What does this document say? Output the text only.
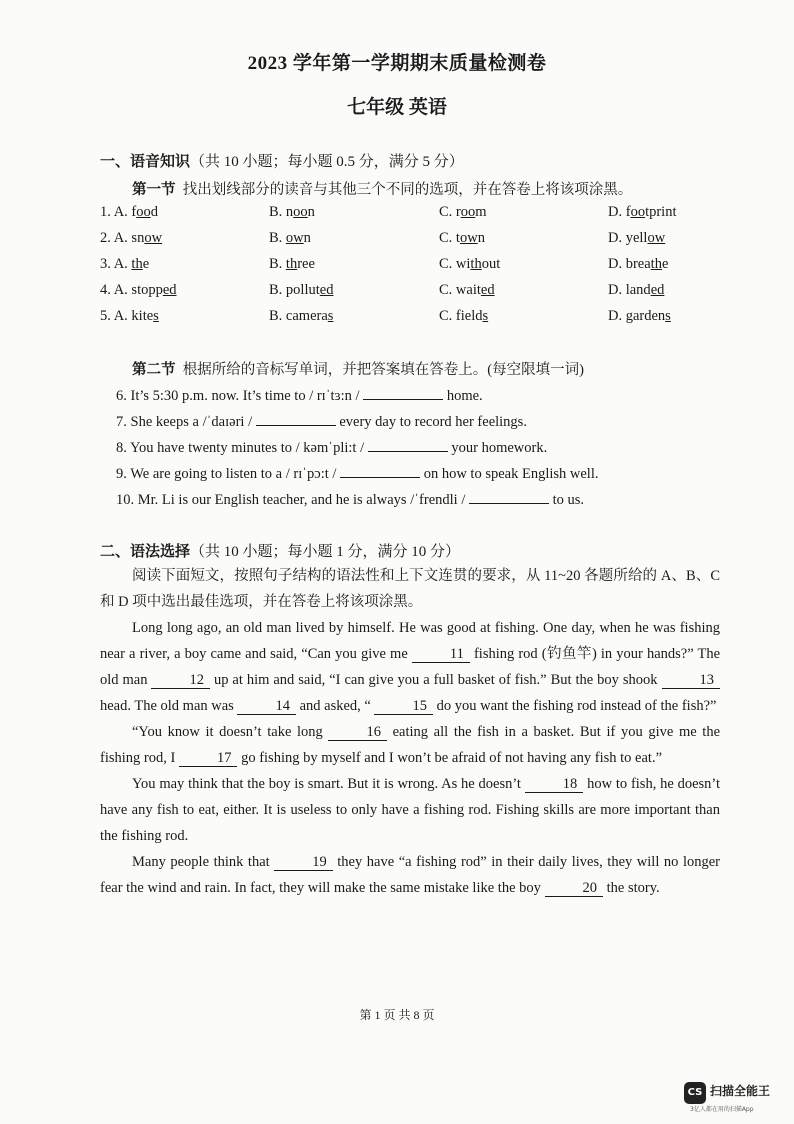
2023 学年第一学期期末质量检测卷
七年级 英语
一、语音知识（共 10 小题；每小题 0.5 分，满分 5 分）
第一节 找出划线部分的读音与其他三个不同的选项，并在答卷上将该项涂黑。
1. A. food	B. noon	C. room	D. footprint
2. A. snow	B. own	C. town	D. yellow
3. A. the	B. three	C. without	D. breathe
4. A. stopped	B. polluted	C. waited	D. landed
5. A. kites	B. cameras	C. fields	D. gardens
第二节 根据所给的音标写单词，并把答案填在答卷上。(每空限填一词)
6. It’s 5:30 p.m. now. It’s time to / rɪˈtɜ:n /	home.
7. She keeps a /ˈdaɪəri /	every day to record her feelings.
8. You have twenty minutes to / kəmˈpli:t /	your homework.
9. We are going to listen to a / rɪˈpɔ:t /	on how to speak English well.
10. Mr. Li is our English teacher, and he is always /ˈfrendli /	to us.
二、语法选择（共 10 小题；每小题 1 分，满分 10 分）

阅读下面短文，按照句子结构的语法性和上下文连贯的要求，从 11~20 各题所给的 A、B、C 和 D 项中选出最佳选项，并在答卷上将该项涂黑。

Long long ago, an old man lived by himself. He was good at fishing. One day, when he was fishing near a river, a boy came and said, “Can you give me	11 fishing rod (钓鱼竿) in your hands?” The old man	12 up at him and said, “I can give you a full basket of fish.” But the boy shook	13 head. The old man was	14 and asked, “	15 do you want the fishing rod instead of the fish?”

“You know it doesn’t take long	16 eating all the fish in a basket. But if you give me the fishing rod, I	17 go fishing by myself and I won’t be afraid of not having any fish to eat.”

You may think that the boy is smart. But it is wrong. As he doesn’t	18 how to fish, he doesn’t have any fish to eat, either. It is useless to only have a fishing rod. Fishing skills are more important than the fishing rod.

Many people think that	19 they have “a fishing rod” in their daily lives, they will no longer fear the wind and rain. In fact, they will make the same mistake like the boy	20 the story.

第 1 页 共 8 页
CS 扫描全能王
3亿人都在用的扫描App
